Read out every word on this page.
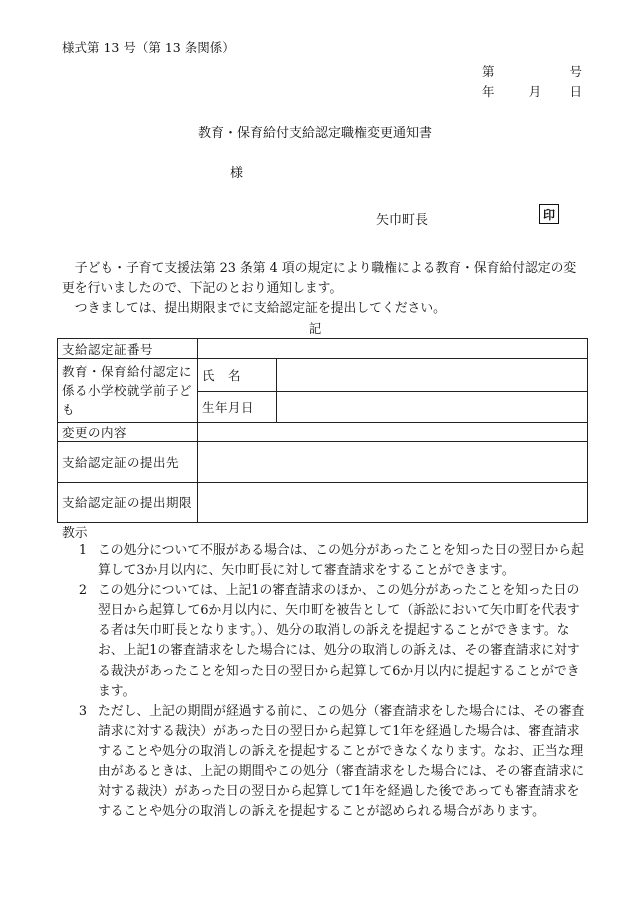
様式第 13 号（第 13 条関係）
第	号
年	月 日
教育・保育給付支給認定職権変更通知書
様
矢巾町長	印

子ども・子育て支援法第 23 条第 4 項の規定により職権による教育・保育給付認定の変更を行いましたので、下記のとおり通知します。

つきましては、提出期限までに支給認定証を提出してください。

記
支給認定証番号		
教育・保育給付認定に係る小学校就学前子ども	氏　名	
	生年月日	
変更の内容		
支給認定証の提出先		
支給認定証の提出期限		
教示
1 この処分について不服がある場合は、この処分があったことを知った日の翌日から起算して3か月以内に、矢巾町長に対して審査請求をすることができます。
2 この処分については、上記1の審査請求のほか、この処分があったことを知った日の翌日から起算して6か月以内に、矢巾町を被告として（訴訟において矢巾町を代表する者は矢巾町長となります。）、処分の取消しの訴えを提起することができます。なお、上記1の審査請求をした場合には、処分の取消しの訴えは、その審査請求に対する裁決があったことを知った日の翌日から起算して6か月以内に提起することができます。
3 ただし、上記の期間が経過する前に、この処分（審査請求をした場合には、その審査請求に対する裁決）があった日の翌日から起算して1年を経過した場合は、審査請求することや処分の取消しの訴えを提起することができなくなります。なお、正当な理由があるときは、上記の期間やこの処分（審査請求をした場合には、その審査請求に対する裁決）があった日の翌日から起算して1年を経過した後であっても審査請求をすることや処分の取消しの訴えを提起することが認められる場合があります。
